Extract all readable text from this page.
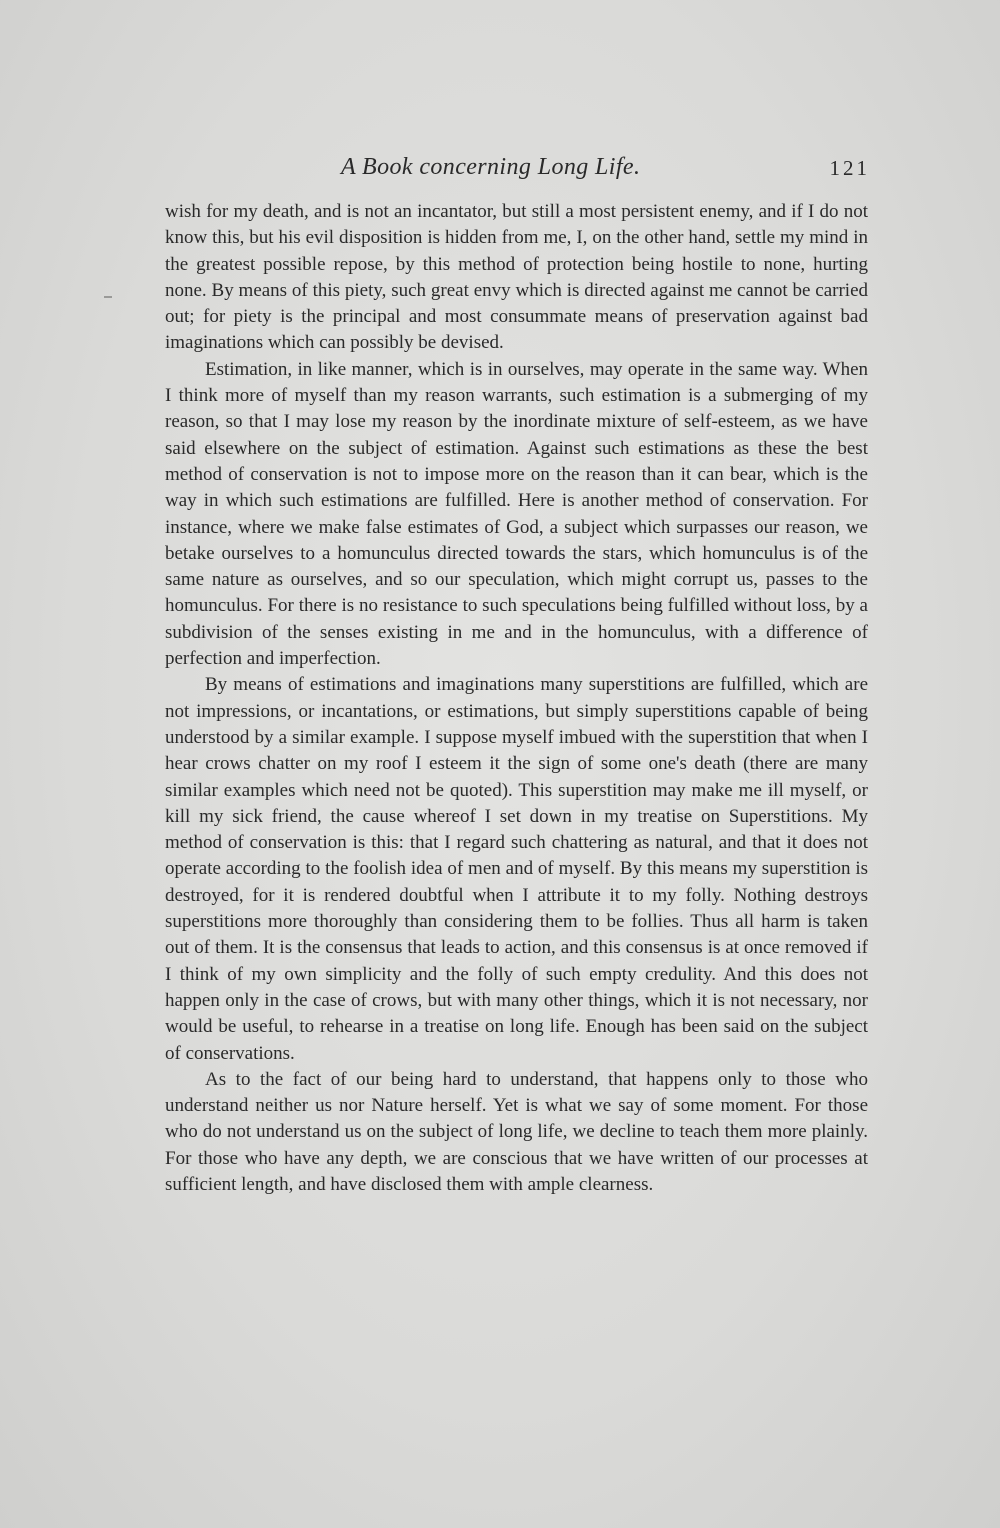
A Book concerning Long Life.	121

wish for my death, and is not an incantator, but still a most persistent enemy, and if I do not know this, but his evil disposition is hidden from me, I, on the other hand, settle my mind in the greatest possible repose, by this method of protection being hostile to none, hurting none. By means of this piety, such great envy which is directed against me cannot be carried out; for piety is the principal and most consummate means of preservation against bad imaginations which can possibly be devised.

Estimation, in like manner, which is in ourselves, may operate in the same way. When I think more of myself than my reason warrants, such estimation is a submerging of my reason, so that I may lose my reason by the inordinate mixture of self-esteem, as we have said elsewhere on the subject of estimation. Against such estimations as these the best method of conservation is not to impose more on the reason than it can bear, which is the way in which such estimations are fulfilled. Here is another method of conservation. For instance, where we make false estimates of God, a subject which surpasses our reason, we betake ourselves to a homunculus directed towards the stars, which homunculus is of the same nature as ourselves, and so our speculation, which might corrupt us, passes to the homunculus. For there is no resistance to such speculations being fulfilled without loss, by a subdivision of the senses existing in me and in the homunculus, with a difference of perfection and imperfection.

By means of estimations and imaginations many superstitions are fulfilled, which are not impressions, or incantations, or estimations, but simply superstitions capable of being understood by a similar example. I suppose myself imbued with the superstition that when I hear crows chatter on my roof I esteem it the sign of some one's death (there are many similar examples which need not be quoted). This superstition may make me ill myself, or kill my sick friend, the cause whereof I set down in my treatise on Superstitions. My method of conservation is this: that I regard such chattering as natural, and that it does not operate according to the foolish idea of men and of myself. By this means my superstition is destroyed, for it is rendered doubtful when I attribute it to my folly. Nothing destroys superstitions more thoroughly than considering them to be follies. Thus all harm is taken out of them. It is the consensus that leads to action, and this consensus is at once removed if I think of my own simplicity and the folly of such empty credulity. And this does not happen only in the case of crows, but with many other things, which it is not necessary, nor would be useful, to rehearse in a treatise on long life. Enough has been said on the subject of conservations.

As to the fact of our being hard to understand, that happens only to those who understand neither us nor Nature herself. Yet is what we say of some moment. For those who do not understand us on the subject of long life, we decline to teach them more plainly. For those who have any depth, we are conscious that we have written of our processes at sufficient length, and have disclosed them with ample clearness.
